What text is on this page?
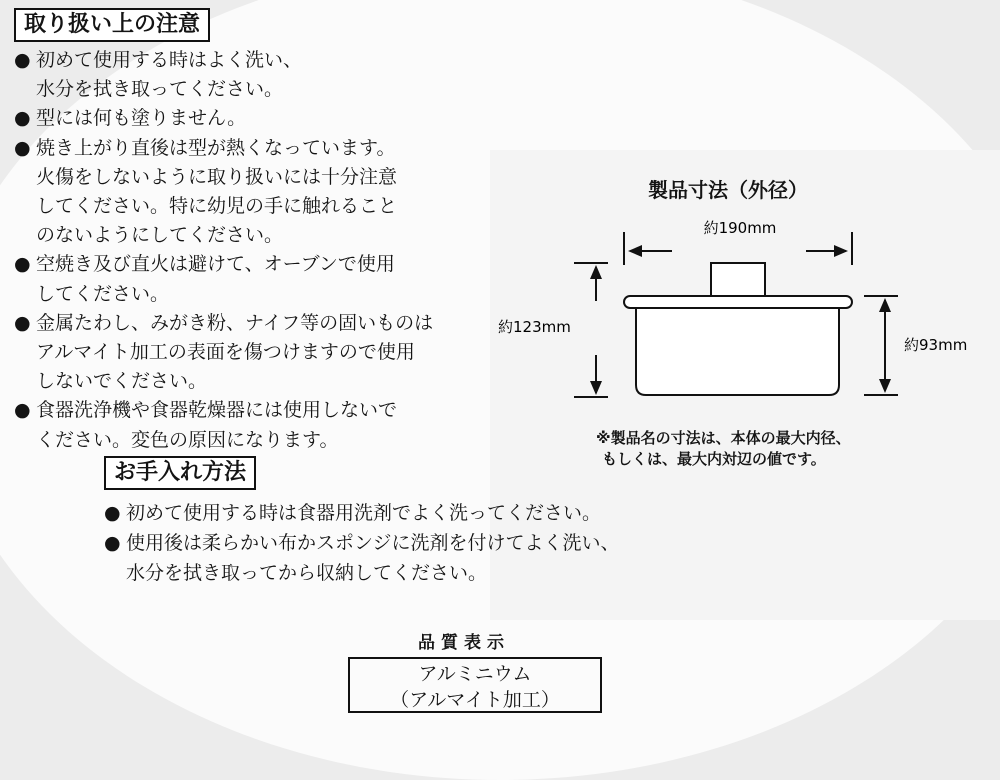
取り扱い上の注意
● 初めて使用する時はよく洗い、
水分を拭き取ってください。
● 型には何も塗りません。
● 焼き上がり直後は型が熱くなっています。
火傷をしないように取り扱いには十分注意
してください。特に幼児の手に触れること
のないようにしてください。
● 空焼き及び直火は避けて、オーブンで使用
してください。
● 金属たわし、みがき粉、ナイフ等の固いものは
アルマイト加工の表面を傷つけますので使用
しないでください。
● 食器洗浄機や食器乾燥器には使用しないで
ください。変色の原因になります。
お手入れ方法
● 初めて使用する時は食器用洗剤でよく洗ってください。
● 使用後は柔らかい布かスポンジに洗剤を付けてよく洗い、
水分を拭き取ってから収納してください。
製品寸法（外径）
約190mm
約123mm
約93mm
※製品名の寸法は、本体の最大内径、
もしくは、最大内対辺の値です。
品質表示
アルミニウム
（アルマイト加工）
